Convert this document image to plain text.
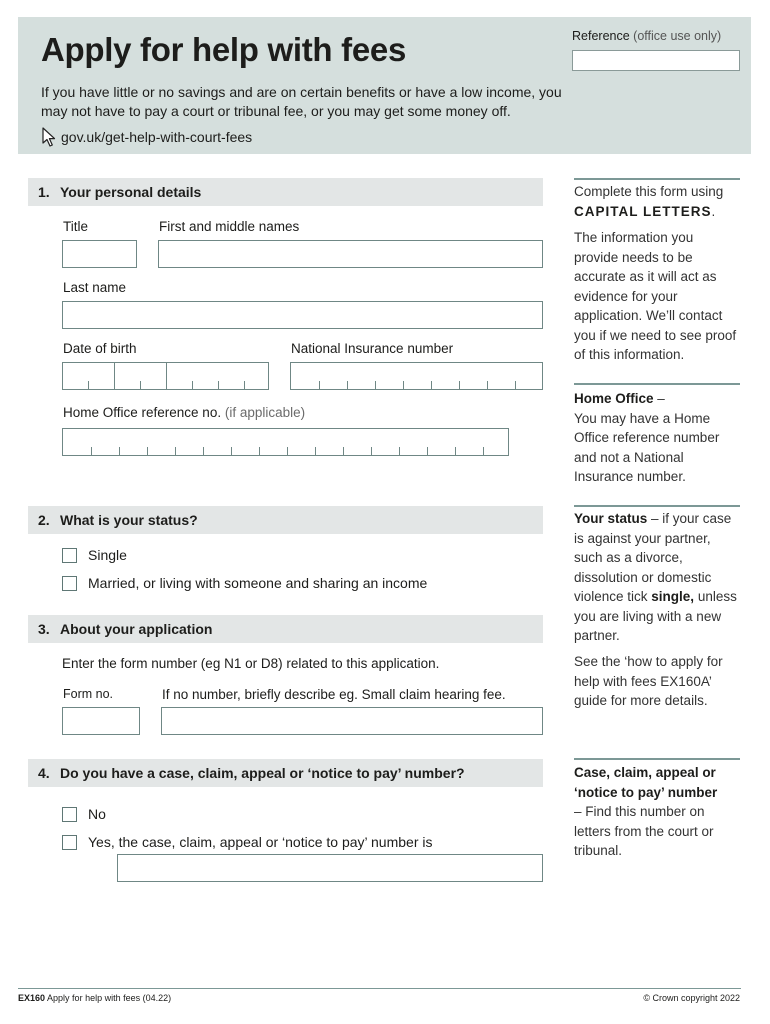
Apply for help with fees
If you have little or no savings and are on certain benefits or have a low income, you may not have to pay a court or tribunal fee, or you may get some money off.
gov.uk/get-help-with-court-fees
Reference (office use only)
1. Your personal details
Title	First and middle names
Last name
Date of birth	National Insurance number
Home Office reference no. (if applicable)
2. What is your status?
Single
Married, or living with someone and sharing an income
3. About your application
Enter the form number (eg N1 or D8) related to this application.
Form no.	If no number, briefly describe eg. Small claim hearing fee.
4. Do you have a case, claim, appeal or ‘notice to pay’ number?
No
Yes, the case, claim, appeal or ‘notice to pay’ number is
Complete this form using CAPITAL LETTERS.
The information you provide needs to be accurate as it will act as evidence for your application. We’ll contact you if we need to see proof of this information.
Home Office –
You may have a Home Office reference number and not a National Insurance number.
Your status – if your case is against your partner, such as a divorce, dissolution or domestic violence tick single, unless you are living with a new partner.
See the ‘how to apply for help with fees EX160A’ guide for more details.
Case, claim, appeal or ‘notice to pay’ number
– Find this number on letters from the court or tribunal.
EX160 Apply for help with fees (04.22)	© Crown copyright 2022
